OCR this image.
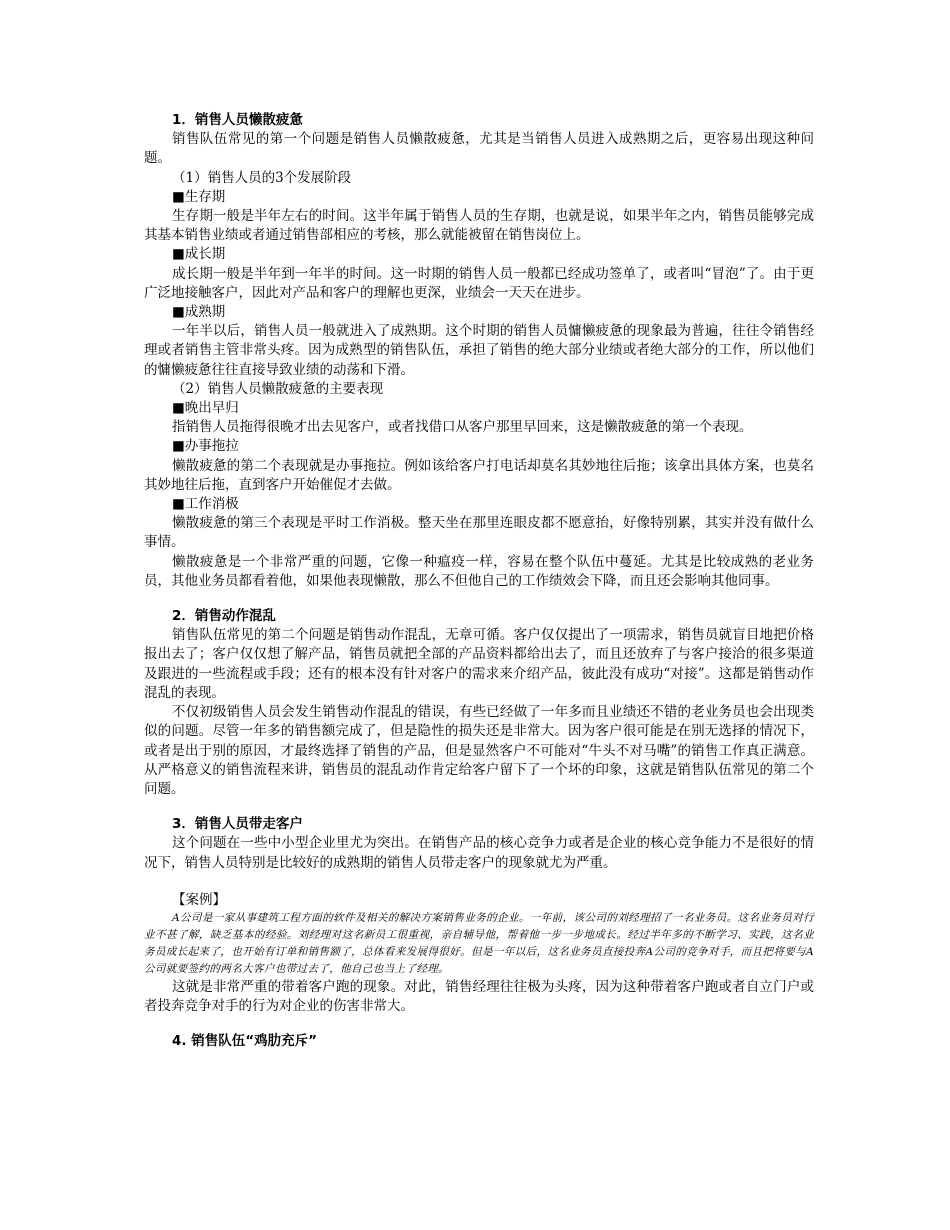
1．销售人员懒散疲惫

销售队伍常见的第一个问题是销售人员懒散疲惫，尤其是当销售人员进入成熟期之后，更容易出现这种问题。

（1）销售人员的3个发展阶段

■生存期

生存期一般是半年左右的时间。这半年属于销售人员的生存期，也就是说，如果半年之内，销售员能够完成其基本销售业绩或者通过销售部相应的考核，那么就能被留在销售岗位上。

■成长期

成长期一般是半年到一年半的时间。这一时期的销售人员一般都已经成功签单了，或者叫“冒泡”了。由于更广泛地接触客户，因此对产品和客户的理解也更深，业绩会一天天在进步。

■成熟期

一年半以后，销售人员一般就进入了成熟期。这个时期的销售人员慵懒疲惫的现象最为普遍，往往令销售经理或者销售主管非常头疼。因为成熟型的销售队伍，承担了销售的绝大部分业绩或者绝大部分的工作，所以他们的慵懒疲惫往往直接导致业绩的动荡和下滑。

（2）销售人员懒散疲惫的主要表现

■晚出早归

指销售人员拖得很晚才出去见客户，或者找借口从客户那里早回来，这是懒散疲惫的第一个表现。

■办事拖拉

懒散疲惫的第二个表现就是办事拖拉。例如该给客户打电话却莫名其妙地往后拖；该拿出具体方案，也莫名其妙地往后拖，直到客户开始催促才去做。

■工作消极

懒散疲惫的第三个表现是平时工作消极。整天坐在那里连眼皮都不愿意抬，好像特别累，其实并没有做什么事情。

懒散疲惫是一个非常严重的问题，它像一种瘟疫一样，容易在整个队伍中蔓延。尤其是比较成熟的老业务员，其他业务员都看着他，如果他表现懒散，那么不但他自己的工作绩效会下降，而且还会影响其他同事。

2．销售动作混乱

销售队伍常见的第二个问题是销售动作混乱，无章可循。客户仅仅提出了一项需求，销售员就盲目地把价格报出去了；客户仅仅想了解产品，销售员就把全部的产品资料都给出去了，而且还放弃了与客户接洽的很多渠道及跟进的一些流程或手段；还有的根本没有针对客户的需求来介绍产品，彼此没有成功“对接”。这都是销售动作混乱的表现。

不仅初级销售人员会发生销售动作混乱的错误，有些已经做了一年多而且业绩还不错的老业务员也会出现类似的问题。尽管一年多的销售额完成了，但是隐性的损失还是非常大。因为客户很可能是在别无选择的情况下，或者是出于别的原因，才最终选择了销售的产品，但是显然客户不可能对“牛头不对马嘴”的销售工作真正满意。从严格意义的销售流程来讲，销售员的混乱动作肯定给客户留下了一个坏的印象，这就是销售队伍常见的第二个问题。

3．销售人员带走客户

这个问题在一些中小型企业里尤为突出。在销售产品的核心竞争力或者是企业的核心竞争能力不是很好的情况下，销售人员特别是比较好的成熟期的销售人员带走客户的现象就尤为严重。

【案例】

A公司是一家从事建筑工程方面的软件及相关的解决方案销售业务的企业。一年前，该公司的刘经理招了一名业务员。这名业务员对行业不甚了解，缺乏基本的经验。刘经理对这名新员工很重视，亲自辅导他，帮着他一步一步地成长。经过半年多的不断学习、实践，这名业务员成长起来了，也开始有订单和销售额了，总体看来发展得很好。但是一年以后，这名业务员直接投奔A公司的竞争对手，而且把将要与A公司就要签约的两名大客户也带过去了，他自己也当上了经理。

这就是非常严重的带着客户跑的现象。对此，销售经理往往极为头疼，因为这种带着客户跑或者自立门户或者投奔竞争对手的行为对企业的伤害非常大。

4. 销售队伍“鸡肋充斥”
